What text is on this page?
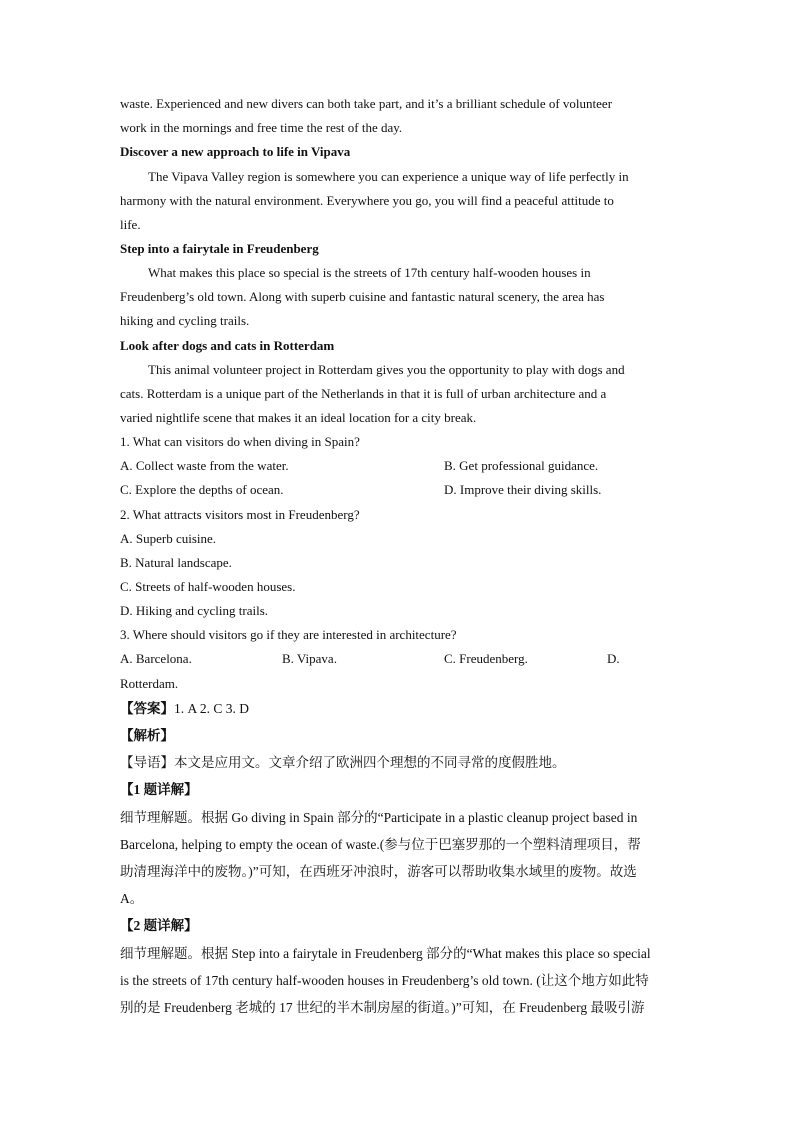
waste. Experienced and new divers can both take part, and it’s a brilliant schedule of volunteer
work in the mornings and free time the rest of the day.
Discover a new approach to life in Vipava
The Vipava Valley region is somewhere you can experience a unique way of life perfectly in
harmony with the natural environment. Everywhere you go, you will find a peaceful attitude to
life.
Step into a fairytale in Freudenberg
What makes this place so special is the streets of 17th century half-wooden houses in
Freudenberg’s old town. Along with superb cuisine and fantastic natural scenery, the area has
hiking and cycling trails.
Look after dogs and cats in Rotterdam
This animal volunteer project in Rotterdam gives you the opportunity to play with dogs and
cats. Rotterdam is a unique part of the Netherlands in that it is full of urban architecture and a
varied nightlife scene that makes it an ideal location for a city break.
1. What can visitors do when diving in Spain?
A. Collect waste from the water.	B. Get professional guidance.
C. Explore the depths of ocean.	D. Improve their diving skills.
2. What attracts visitors most in Freudenberg?
A. Superb cuisine.
B. Natural landscape.
C. Streets of half-wooden houses.
D. Hiking and cycling trails.
3. Where should visitors go if they are interested in architecture?
A. Barcelona.	B. Vipava.	C. Freudenberg.	D.
Rotterdam.
【答案】1. A 2. C 3. D
【解析】
【导语】本文是应用文。文章介绍了欧洲四个理想的不同寻常的度假胜地。
【1 题详解】
细节理解题。根据 Go diving in Spain 部分的“Participate in a plastic cleanup project based in
Barcelona, helping to empty the ocean of waste.(参与位于巴塞罗那的一个塑料清理项目，帮
助清理海洋中的废物。)”可知，在西班牙冲浪时，游客可以帮助收集水域里的废物。故选
A。
【2 题详解】
细节理解题。根据 Step into a fairytale in Freudenberg 部分的“What makes this place so special
is the streets of 17th century half-wooden houses in Freudenberg’s old town. (让这个地方如此特
别的是 Freudenberg 老城的 17 世纪的半木制房屋的街道。)”可知，在 Freudenberg 最吸引游
